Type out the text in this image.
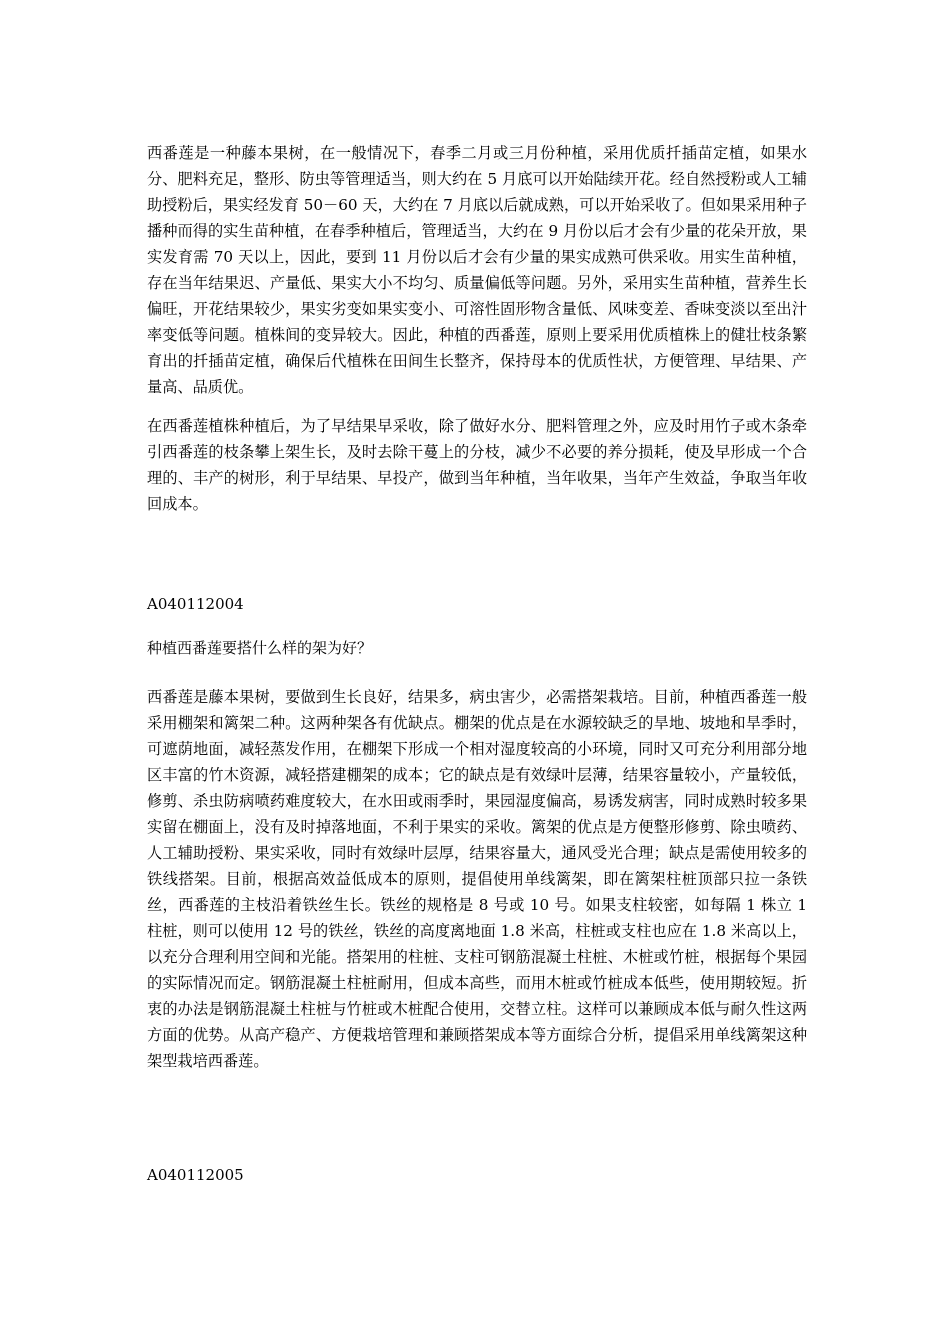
西番莲是一种藤本果树，在一般情况下，春季二月或三月份种植，采用优质扦插苗定植，如果水分、肥料充足，整形、防虫等管理适当，则大约在 5 月底可以开始陆续开花。经自然授粉或人工辅助授粉后，果实经发育 50－60 天，大约在 7 月底以后就成熟，可以开始采收了。但如果采用种子播种而得的实生苗种植，在春季种植后，管理适当，大约在 9 月份以后才会有少量的花朵开放，果实发育需 70 天以上，因此，要到 11 月份以后才会有少量的果实成熟可供采收。用实生苗种植，存在当年结果迟、产量低、果实大小不均匀、质量偏低等问题。另外，采用实生苗种植，营养生长偏旺，开花结果较少，果实劣变如果实变小、可溶性固形物含量低、风味变差、香味变淡以至出汁率变低等问题。植株间的变异较大。因此，种植的西番莲，原则上要采用优质植株上的健壮枝条繁育出的扦插苗定植，确保后代植株在田间生长整齐，保持母本的优质性状，方便管理、早结果、产量高、品质优。

在西番莲植株种植后，为了早结果早采收，除了做好水分、肥料管理之外，应及时用竹子或木条牵引西番莲的枝条攀上架生长，及时去除干蔓上的分枝，减少不必要的养分损耗，使及早形成一个合理的、丰产的树形，利于早结果、早投产，做到当年种植，当年收果，当年产生效益，争取当年收回成本。

A040112004

种植西番莲要搭什么样的架为好？

西番莲是藤本果树，要做到生长良好，结果多，病虫害少，必需搭架栽培。目前，种植西番莲一般采用棚架和篱架二种。这两种架各有优缺点。棚架的优点是在水源较缺乏的旱地、坡地和旱季时，可遮荫地面，减轻蒸发作用，在棚架下形成一个相对湿度较高的小环境，同时又可充分利用部分地区丰富的竹木资源，减轻搭建棚架的成本；它的缺点是有效绿叶层薄，结果容量较小，产量较低，修剪、杀虫防病喷药难度较大，在水田或雨季时，果园湿度偏高，易诱发病害，同时成熟时较多果实留在棚面上，没有及时掉落地面，不利于果实的采收。篱架的优点是方便整形修剪、除虫喷药、人工辅助授粉、果实采收，同时有效绿叶层厚，结果容量大，通风受光合理；缺点是需使用较多的铁线搭架。目前，根据高效益低成本的原则，提倡使用单线篱架，即在篱架柱桩顶部只拉一条铁丝，西番莲的主枝沿着铁丝生长。铁丝的规格是 8 号或 10 号。如果支柱较密，如每隔 1 株立 1 柱桩，则可以使用 12 号的铁丝，铁丝的高度离地面 1.8 米高，柱桩或支柱也应在 1.8 米高以上，以充分合理利用空间和光能。搭架用的柱桩、支柱可钢筋混凝土柱桩、木桩或竹桩，根据每个果园的实际情况而定。钢筋混凝土柱桩耐用，但成本高些，而用木桩或竹桩成本低些，使用期较短。折衷的办法是钢筋混凝土柱桩与竹桩或木桩配合使用，交替立柱。这样可以兼顾成本低与耐久性这两方面的优势。从高产稳产、方便栽培管理和兼顾搭架成本等方面综合分析，提倡采用单线篱架这种架型栽培西番莲。

A040112005
